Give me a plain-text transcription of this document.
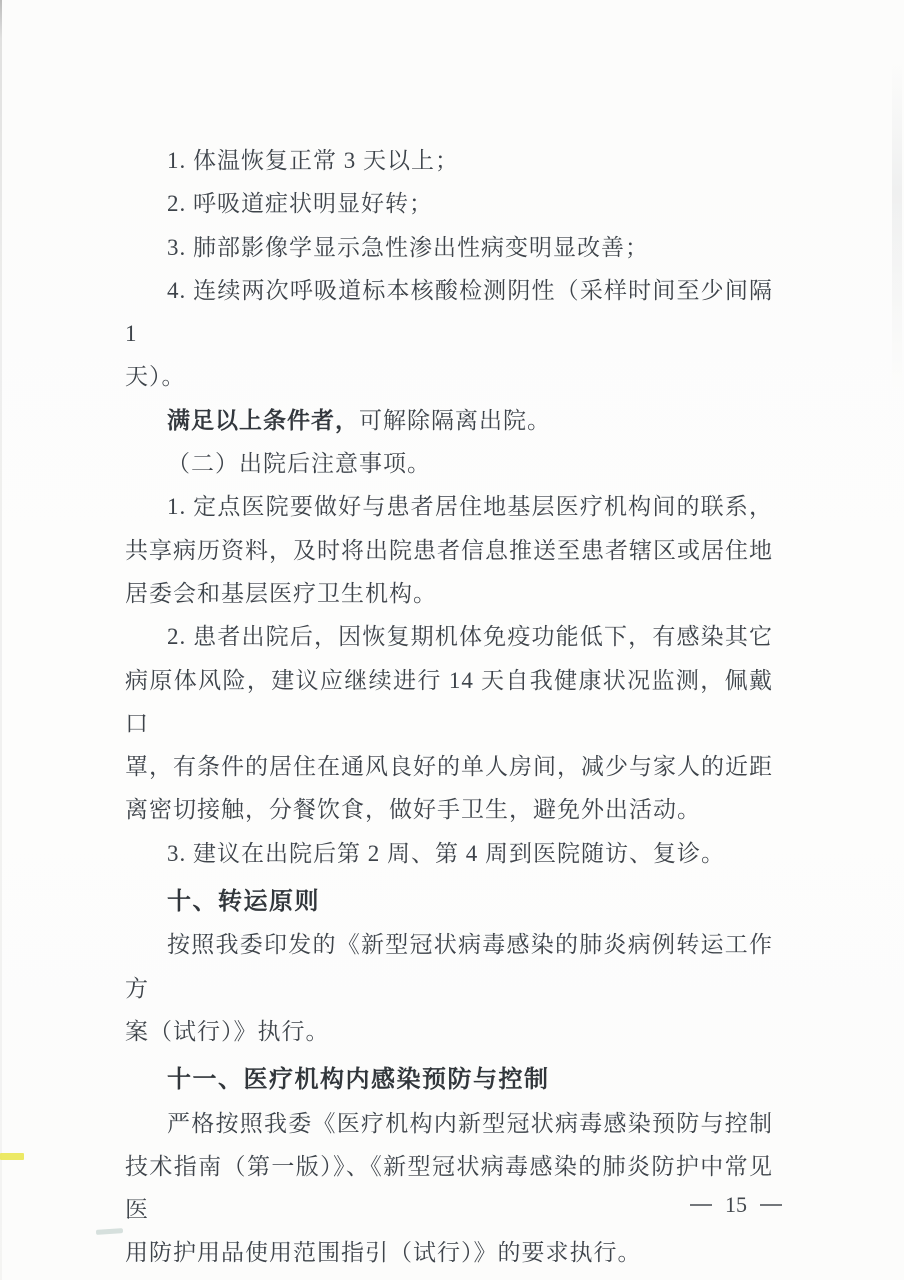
1. 体温恢复正常 3 天以上；
2. 呼吸道症状明显好转；
3. 肺部影像学显示急性渗出性病变明显改善；
4. 连续两次呼吸道标本核酸检测阴性（采样时间至少间隔 1
天）。
满足以上条件者，可解除隔离出院。
（二）出院后注意事项。
1. 定点医院要做好与患者居住地基层医疗机构间的联系，
共享病历资料，及时将出院患者信息推送至患者辖区或居住地
居委会和基层医疗卫生机构。
2. 患者出院后，因恢复期机体免疫功能低下，有感染其它
病原体风险，建议应继续进行 14 天自我健康状况监测，佩戴口
罩，有条件的居住在通风良好的单人房间，减少与家人的近距
离密切接触，分餐饮食，做好手卫生，避免外出活动。
3. 建议在出院后第 2 周、第 4 周到医院随访、复诊。
十、转运原则
按照我委印发的《新型冠状病毒感染的肺炎病例转运工作方
案（试行）》执行。
十一、医疗机构内感染预防与控制
严格按照我委《医疗机构内新型冠状病毒感染预防与控制
技术指南（第一版）》、《新型冠状病毒感染的肺炎防护中常见医
用防护用品使用范围指引（试行）》的要求执行。
15
